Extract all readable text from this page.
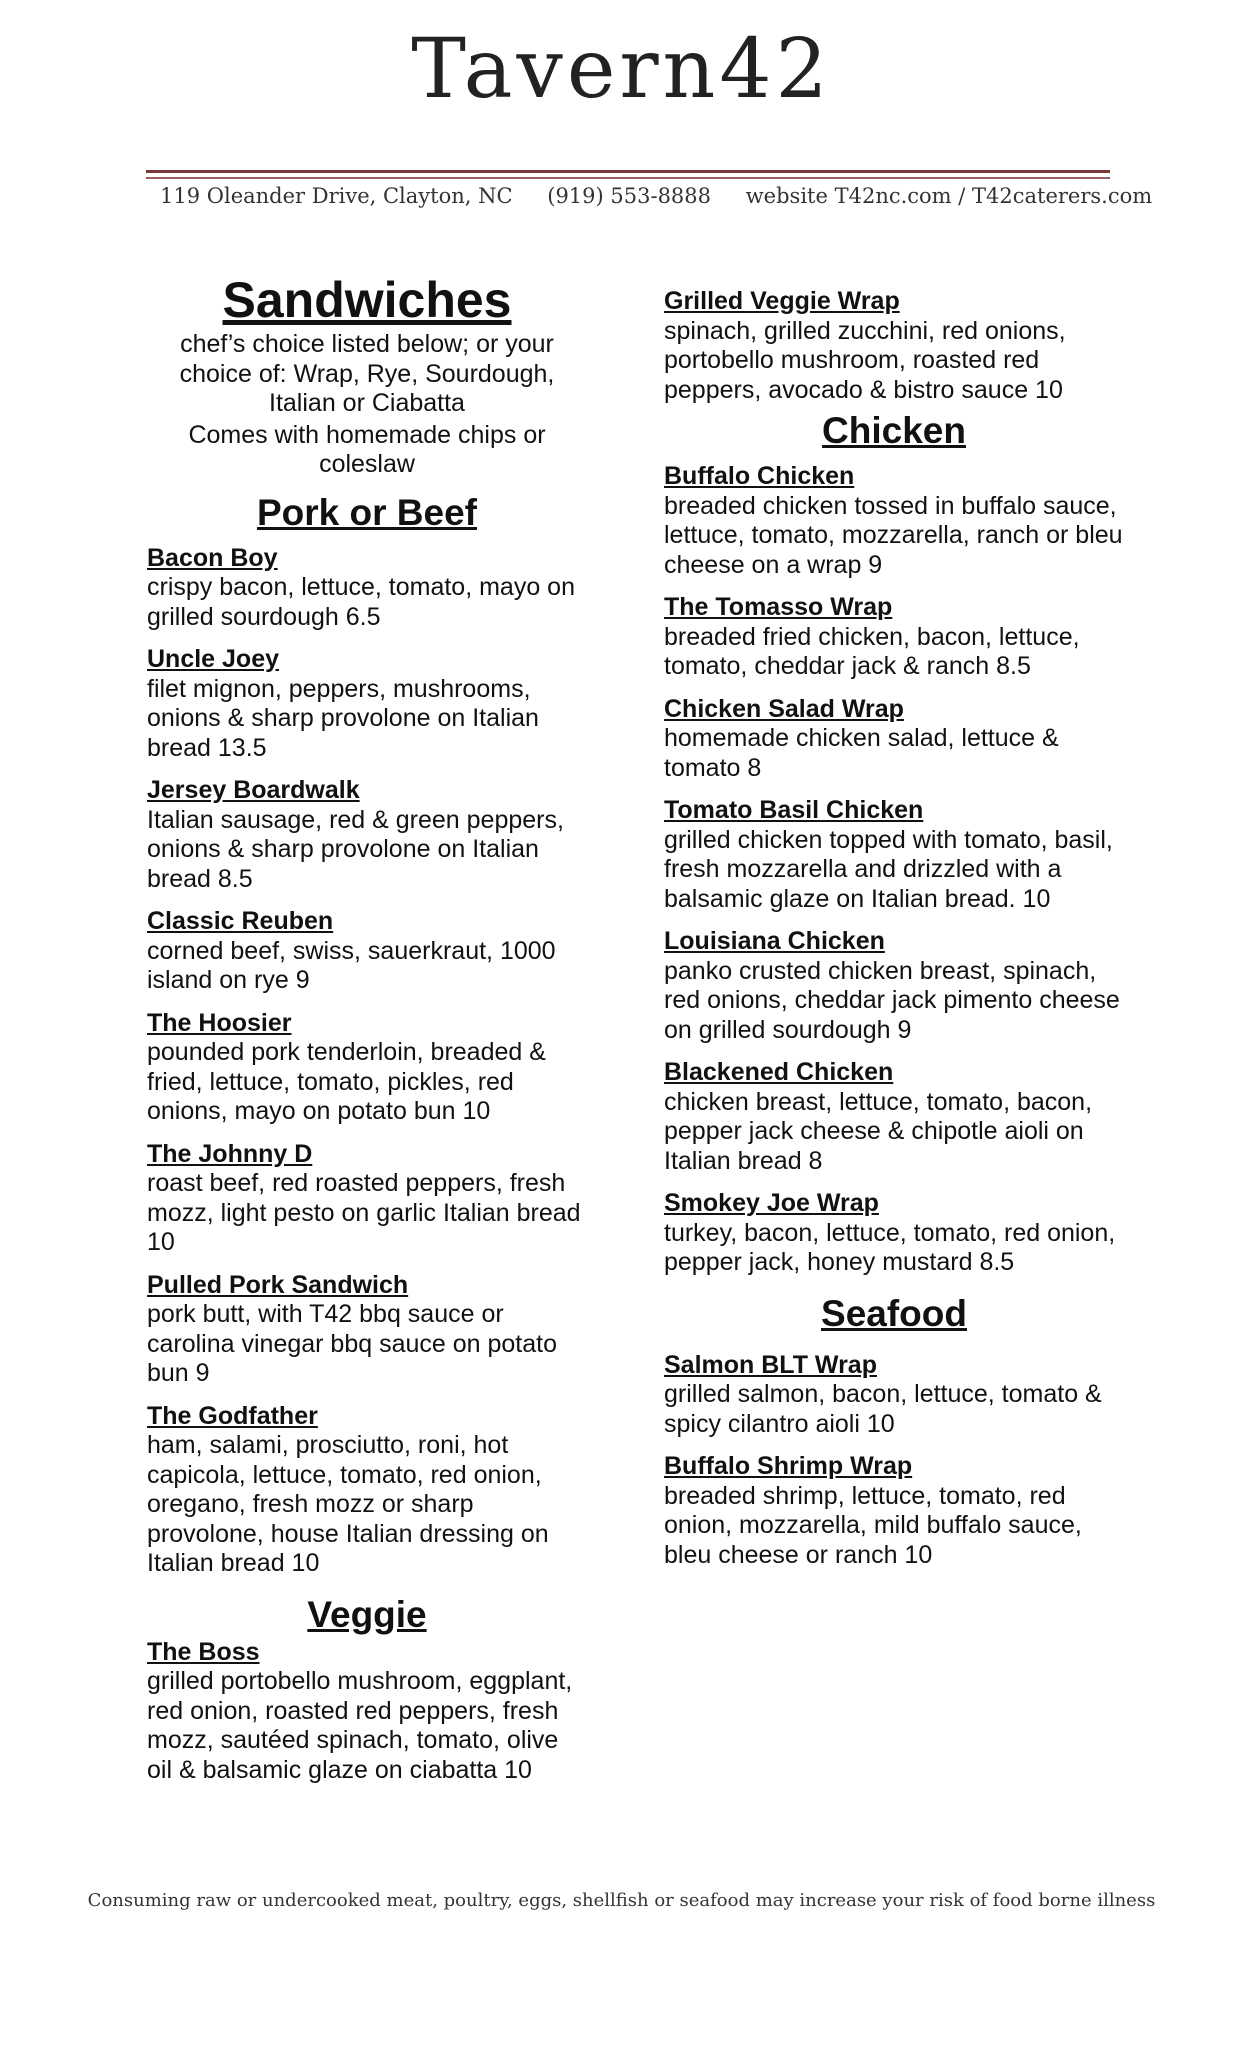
Tavern42
119 Oleander Drive, Clayton, NC (919) 553-8888 website T42nc.com / T42caterers.com
Sandwiches
chef’s choice listed below; or your choice of: Wrap, Rye, Sourdough, Italian or Ciabatta
Comes with homemade chips or coleslaw
Pork or Beef
Bacon Boy
crispy bacon, lettuce, tomato, mayo on grilled sourdough 6.5
Uncle Joey
filet mignon, peppers, mushrooms, onions & sharp provolone on Italian bread 13.5
Jersey Boardwalk
Italian sausage, red & green peppers, onions & sharp provolone on Italian bread 8.5
Classic Reuben
corned beef, swiss, sauerkraut, 1000 island on rye 9
The Hoosier
pounded pork tenderloin, breaded & fried, lettuce, tomato, pickles, red onions, mayo on potato bun 10
The Johnny D
roast beef, red roasted peppers, fresh mozz, light pesto on garlic Italian bread 10
Pulled Pork Sandwich
pork butt, with T42 bbq sauce or carolina vinegar bbq sauce on potato bun 9
The Godfather
ham, salami, prosciutto, roni, hot capicola, lettuce, tomato, red onion, oregano, fresh mozz or sharp provolone, house Italian dressing on Italian bread 10
Veggie
The Boss
grilled portobello mushroom, eggplant, red onion, roasted red peppers, fresh mozz, sautéed spinach, tomato, olive oil & balsamic glaze on ciabatta 10
Grilled Veggie Wrap
spinach, grilled zucchini, red onions, portobello mushroom, roasted red peppers, avocado & bistro sauce 10
Chicken
Buffalo Chicken
breaded chicken tossed in buffalo sauce, lettuce, tomato, mozzarella, ranch or bleu cheese on a wrap 9
The Tomasso Wrap
breaded fried chicken, bacon, lettuce, tomato, cheddar jack & ranch 8.5
Chicken Salad Wrap
homemade chicken salad, lettuce & tomato 8
Tomato Basil Chicken
grilled chicken topped with tomato, basil, fresh mozzarella and drizzled with a balsamic glaze on Italian bread. 10
Louisiana Chicken
panko crusted chicken breast, spinach, red onions, cheddar jack pimento cheese on grilled sourdough 9
Blackened Chicken
chicken breast, lettuce, tomato, bacon, pepper jack cheese & chipotle aioli on Italian bread 8
Smokey Joe Wrap
turkey, bacon, lettuce, tomato, red onion, pepper jack, honey mustard 8.5
Seafood
Salmon BLT Wrap
grilled salmon, bacon, lettuce, tomato & spicy cilantro aioli 10
Buffalo Shrimp Wrap
breaded shrimp, lettuce, tomato, red onion, mozzarella, mild buffalo sauce, bleu cheese or ranch 10
Consuming raw or undercooked meat, poultry, eggs, shellfish or seafood may increase your risk of food borne illness
